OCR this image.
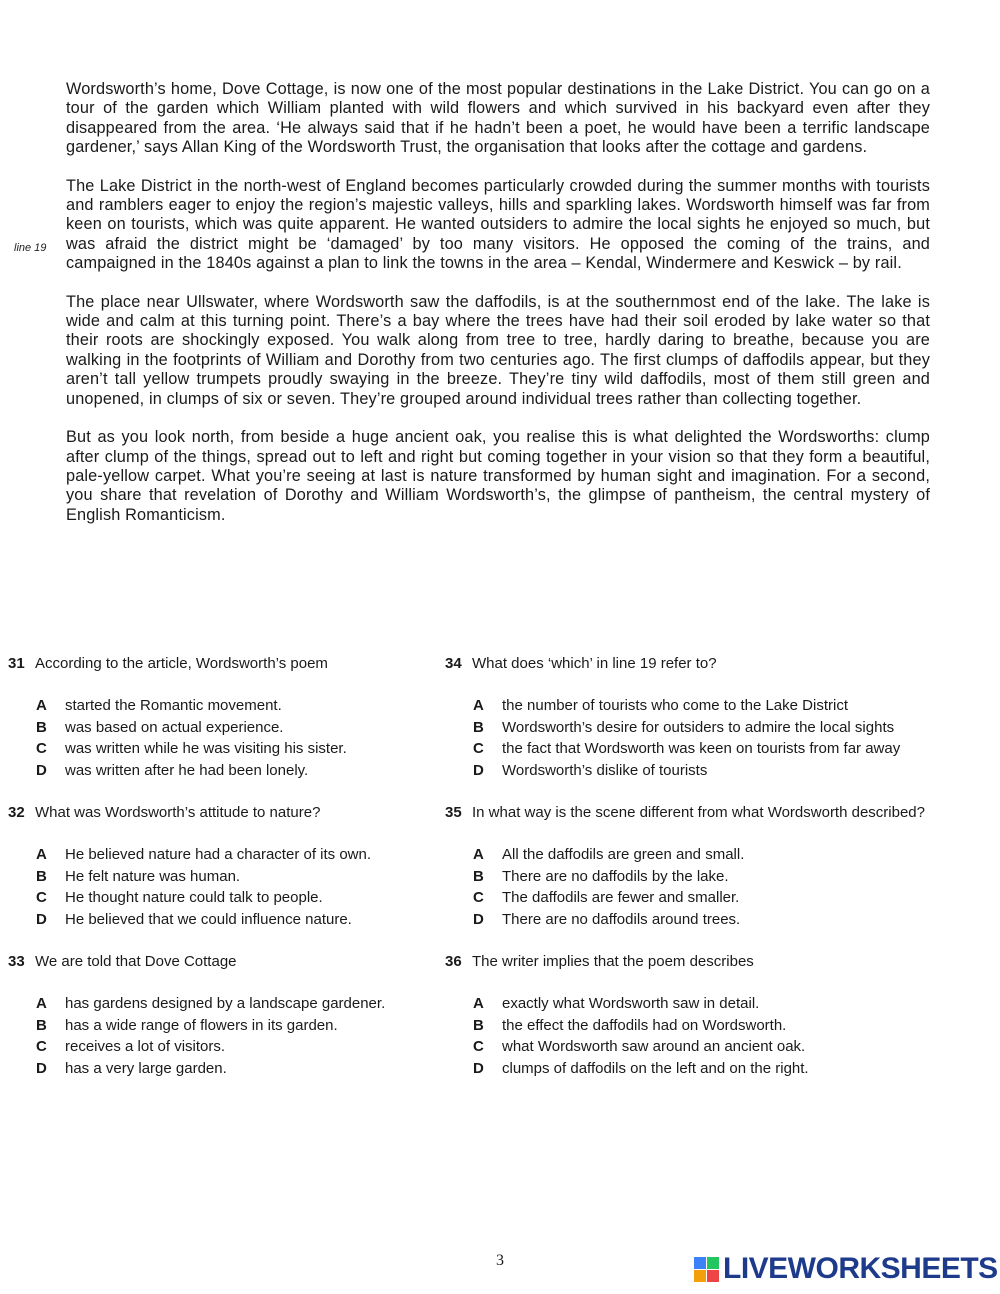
Wordsworth’s home, Dove Cottage, is now one of the most popular destinations in the Lake District. You can go on a tour of the garden which William planted with wild flowers and which survived in his backyard even after they disappeared from the area. ‘He always said that if he hadn’t been a poet, he would have been a terrific landscape gardener,’ says Allan King of the Wordsworth Trust, the organisation that looks after the cottage and gardens.

The Lake District in the north-west of England becomes particularly crowded during the summer months with tourists and ramblers eager to enjoy the region’s majestic valleys, hills and sparkling lakes. Wordsworth himself was far from keen on tourists, which was quite apparent. He wanted outsiders to admire the local sights he enjoyed so much, but was afraid the district might be ‘damaged’ by too many visitors. He opposed the coming of the trains, and campaigned in the 1840s against a plan to link the towns in the area – Kendal, Windermere and Keswick – by rail.

The place near Ullswater, where Wordsworth saw the daffodils, is at the southernmost end of the lake. The lake is wide and calm at this turning point. There’s a bay where the trees have had their soil eroded by lake water so that their roots are shockingly exposed. You walk along from tree to tree, hardly daring to breathe, because you are walking in the footprints of William and Dorothy from two centuries ago. The first clumps of daffodils appear, but they aren’t tall yellow trumpets proudly swaying in the breeze. They’re tiny wild daffodils, most of them still green and unopened, in clumps of six or seven. They’re grouped around individual trees rather than collecting together.

But as you look north, from beside a huge ancient oak, you realise this is what delighted the Wordsworths: clump after clump of the things, spread out to left and right but coming together in your vision so that they form a beautiful, pale-yellow carpet. What you’re seeing at last is nature transformed by human sight and imagination. For a second, you share that revelation of Dorothy and William Wordsworth’s, the glimpse of pantheism, the central mystery of English Romanticism.

line 19
31 According to the article, Wordsworth’s poem
A started the Romantic movement.
B was based on actual experience.
C was written while he was visiting his sister.
D was written after he had been lonely.
32 What was Wordsworth’s attitude to nature?
A He believed nature had a character of its own.
B He felt nature was human.
C He thought nature could talk to people.
D He believed that we could influence nature.
33 We are told that Dove Cottage
A has gardens designed by a landscape gardener.
B has a wide range of flowers in its garden.
C receives a lot of visitors.
D has a very large garden.
34 What does ‘which’ in line 19 refer to?
A the number of tourists who come to the Lake District
B Wordsworth’s desire for outsiders to admire the local sights
C the fact that Wordsworth was keen on tourists from far away
D Wordsworth’s dislike of tourists
35 In what way is the scene different from what Wordsworth described?
A All the daffodils are green and small.
B There are no daffodils by the lake.
C The daffodils are fewer and smaller.
D There are no daffodils around trees.
36 The writer implies that the poem describes
A exactly what Wordsworth saw in detail.
B the effect the daffodils had on Wordsworth.
C what Wordsworth saw around an ancient oak.
D clumps of daffodils on the left and on the right.
3	LIVEWORKSHEETS
